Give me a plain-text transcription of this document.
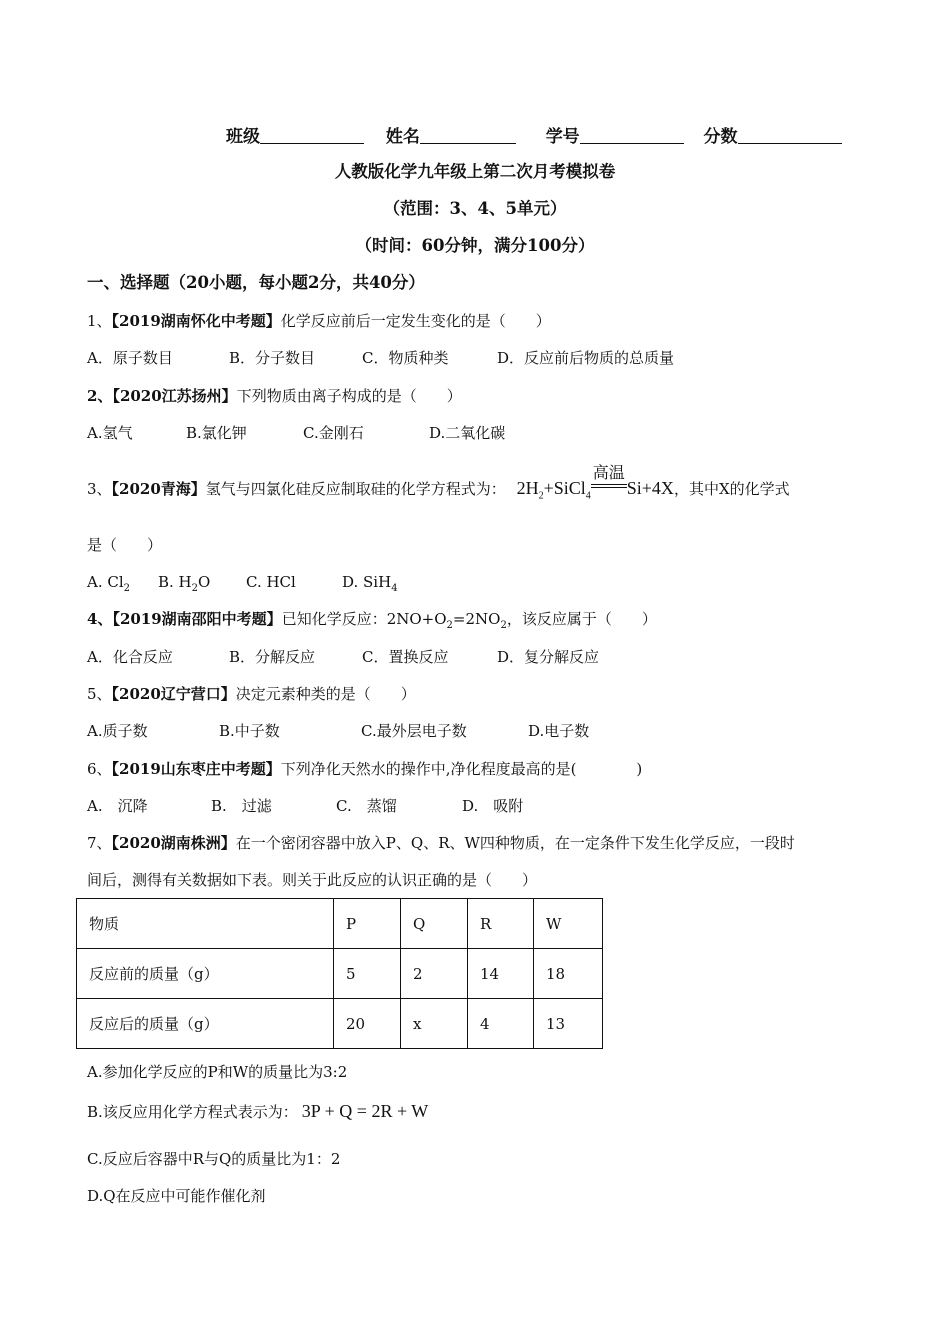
班级	姓名	学号	分数
人教版化学九年级上第二次月考模拟卷
（范围：3、4、5单元）
（时间：60分钟，满分100分）
一、选择题（20小题，每小题2分，共40分）
1、【2019湖南怀化中考题】化学反应前后一定发生变化的是（　　）
A．原子数目	B．分子数目	C．物质种类	D．反应前后物质的总质量
2、【2020江苏扬州】下列物质由离子构成的是（　　）
A.氢气	B.氯化钾	C.金刚石	D.二氧化碳
3、【2020青海】氢气与四氯化硅反应制取硅的化学方程式为： $2H_2+SiCl_4$
高温
Si+4X，其中X的化学式
是（　　）
A. $Cl_2$ B. $H_2O$ C. HCl	D. SiH$_4$
4、【2019湖南邵阳中考题】已知化学反应：$2NO+O_2=2NO_2$，该反应属于（　　）
A．化合反应	B．分解反应	C．置换反应	D．复分解反应
5、【2020辽宁营口】决定元素种类的是（　　）
A.质子数	B.中子数	C.最外层电子数	D.电子数
6、【2019山东枣庄中考题】下列净化天然水的操作中,净化程度最高的是(　　　　)
A.　沉降	B.　过滤	C.　蒸馏	D.　吸附
7、【2020湖南株洲】在一个密闭容器中放入P、Q、R、W四种物质，在一定条件下发生化学反应，一段时
间后，测得有关数据如下表。则关于此反应的认识正确的是（　　）
物质	P	Q	R	W
反应前的质量（g）	5	2	14	18
反应后的质量（g）	20	x	4	13
A.参加化学反应的P和W的质量比为3:2
B.该反应用化学方程式表示为： 3P + Q = 2R + W
C.反应后容器中R与Q的质量比为1：2
D.Q在反应中可能作催化剂
